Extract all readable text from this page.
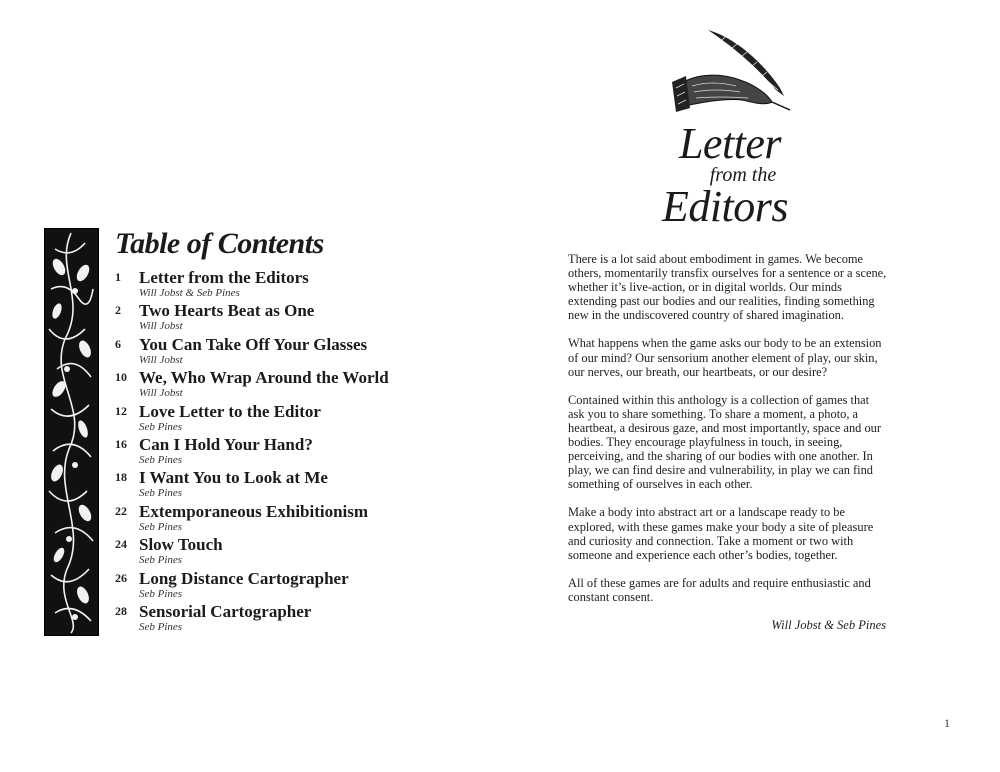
Table of Contents
1 Letter from the Editors
Will Jobst & Seb Pines
2 Two Hearts Beat as One
Will Jobst
6 You Can Take Off Your Glasses
Will Jobst
10 We, Who Wrap Around the World
Will Jobst
12 Love Letter to the Editor
Seb Pines
16 Can I Hold Your Hand?
Seb Pines
18 I Want You to Look at Me
Seb Pines
22 Extemporaneous Exhibitionism
Seb Pines
24 Slow Touch
Seb Pines
26 Long Distance Cartographer
Seb Pines
28 Sensorial Cartographer
Seb Pines
Letter
from the
Editors

There is a lot said about embodiment in games. We become others, momentarily transfix ourselves for a sentence or a scene, whether it’s live-action, or in digital worlds. Our minds extending past our bodies and our realities, finding something new in the undiscovered country of shared imagination.

What happens when the game asks our body to be an extension of our mind? Our sensorium another element of play, our skin, our nerves, our breath, our heartbeats, or our desire?

Contained within this anthology is a collection of games that ask you to share something. To share a moment, a photo, a heartbeat, a desirous gaze, and most importantly, space and our bodies. They encourage playfulness in touch, in seeing, perceiving, and the sharing of our bodies with one another. In play, we can find desire and vulnerability, in play we can find something of ourselves in each other.

Make a body into abstract art or a landscape ready to be explored, with these games make your body a site of pleasure and curiosity and connection. Take a moment or two with someone and experience each other’s bodies, together.

All of these games are for adults and require enthusiastic and constant consent.

Will Jobst & Seb Pines
1
